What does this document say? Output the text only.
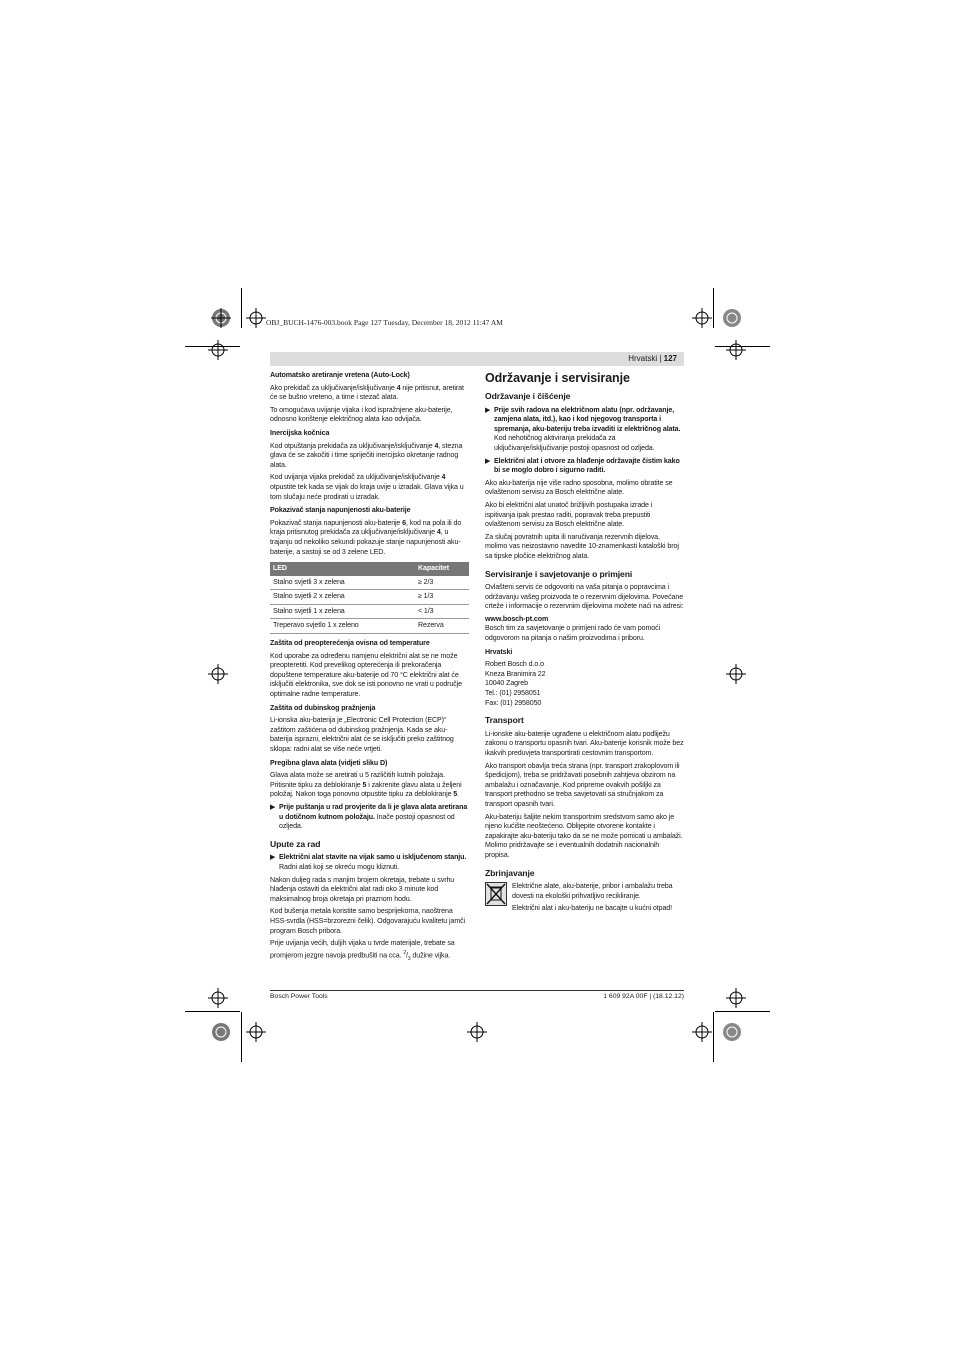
OBJ_BUCH-1476-003.book Page 127 Tuesday, December 18, 2012 11:47 AM
Hrvatski | 127
Automatsko aretiranje vretena (Auto-Lock)

Ako prekidač za uključivanje/isključivanje 4 nije pritisnut, aretirat će se bušno vreteno, a time i stezač alata.

To omogućava uvijanje vijaka i kod ispražnjene aku-baterije, odnosno korištenje električnog alata kao odvijača.

Inercijska kočnica

Kod otpuštanja prekidača za uključivanje/isključivanje 4, stezna glava će se zakočiti i time spriječiti inercijsko okretanje radnog alata.

Kod uvijanja vijaka prekidač za uključivanje/isključivanje 4 otpustite tek kada se vijak do kraja uvije u izradak. Glava vijka u tom slučaju neće prodirati u izradak.

Pokazivač stanja napunjenosti aku-baterije

Pokazivač stanja napunjenosti aku-baterije 6, kod na pola ili do kraja pritisnutog prekidača za uključivanje/isključivanje 4, u trajanju od nekoliko sekundi pokazuje stanje napunjenosti aku-baterije, a sastoji se od 3 zelene LED.

LED	Kapacitet
Stalno svjetli 3 x zelena	≥ 2/3
Stalno svjetli 2 x zelena	≥ 1/3
Stalno svjetli 1 x zelena	< 1/3
Treperavo svjetlo 1 x zeleno	Rezerva
Zaštita od preopterećenja ovisna od temperature

Kod uporabe za određenu namjenu električni alat se ne može preopteretiti. Kod prevelikog opterećenja ili prekoračenja dopuštene temperature aku-baterije od 70 °C električni alat će isključiti elektronika, sve dok se isti ponovno ne vrati u područje optimalne radne temperature.

Zaštita od dubinskog pražnjenja

Li-ionska aku-baterija je „Electronic Cell Protection (ECP)“ zaštitom zaštićena od dubinskog pražnjenja. Kada se aku-baterija isprazni, električni alat će se isključiti preko zaštitnog sklopa: radni alat se više neće vrtjeti.

Pregibna glava alata (vidjeti sliku D)

Glava alata može se aretirati u 5 različitih kutnih položaja. Pritisnite tipku za deblokiranje 5 i zakrenite glavu alata u željeni položaj. Nakon toga ponovno otpustite tipku za deblokiranje 5.

▶ Prije puštanja u rad provjerite da li je glava alata aretirana u dotičnom kutnom položaju. Inače postoji opasnost od ozljeda.
Upute za rad
▶ Električni alat stavite na vijak samo u isključenom stanju. Radni alati koji se okreću mogu kliznuti.

Nakon duljeg rada s manjim brojem okretaja, trebate u svrhu hlađenja ostaviti da električni alat radi oko 3 minute kod maksimalnog broja okretaja pri praznom hodu.

Kod bušenja metala koristite samo besprijekorna, naoštrena HSS-svrdla (HSS=brzorezni čelik). Odgovarajuću kvalitetu jamči program Bosch pribora.

Prije uvijanja većih, duljih vijaka u tvrde materijale, trebate sa promjerom jezgre navoja predbušiti na cca. $^2/_3$ dužine vijka.

Održavanje i servisiranje
Održavanje i čišćenje
▶ Prije svih radova na električnom alatu (npr. održavanje, zamjena alata, itd.), kao i kod njegovog transporta i spremanja, aku-bateriju treba izvaditi iz električnog alata. Kod nehotičnog aktiviranja prekidača za uključivanje/isključivanje postoji opasnost od ozljeda.
▶ Električni alat i otvore za hlađenje održavajte čistim kako bi se moglo dobro i sigurno raditi.

Ako aku-baterija nije više radno sposobna, molimo obratite se ovlaštenom servisu za Bosch električne alate.

Ako bi električni alat unatoč brižljivih postupaka izrade i ispitivanja ipak prestao raditi, popravak treba prepustiti ovlaštenom servisu za Bosch električne alate.

Za slučaj povratnih upita ili naručivanja rezervnih dijelova, molimo vas neizostavno navedite 10-znamenkasti kataloški broj sa tipske pločice električnog alata.

Servisiranje i savjetovanje o primjeni

Ovlašteni servis će odgovoriti na vaša pitanja o popravcima i održavanju vašeg proizvoda te o rezervnim dijelovima. Povećane crteže i informacije o rezervnim dijelovima možete naći na adresi:

www.bosch-pt.com

Bosch tim za savjetovanje o primjeni rado će vam pomoći odgovorom na pitanja o našim proizvodima i priboru.

Hrvatski
Robert Bosch d.o.o
Kneza Branimira 22
10040 Zagreb
Tel.: (01) 2958051
Fax: (01) 2958050
Transport

Li-ionske aku-baterije ugrađene u električnom alatu podliježu zakonu o transportu opasnih tvari. Aku-baterije korisnik može bez ikakvih preduvjeta transportirati cestovnim transportom.

Ako transport obavlja treća strana (npr. transport zrakoplovom ili špedicijom), treba se pridržavati posebnih zahtjeva obzirom na ambalažu i označavanje. Kod pripreme ovakvih pošiljki za transport prethodno se treba savjetovati sa stručnjakom za transport opasnih tvari.

Aku-bateriju šaljite nekim transportnim sredstvom samo ako je njeno kućište neoštećeno. Oblijepite otvorene kontakte i zapakirajte aku-bateriju tako da se ne može pomicati u ambalaži. Molimo pridržavajte se i eventualnih dodatnih nacionalnih propisa.

Zbrinjavanje

Električne alate, aku-baterije, pribor i ambalažu treba dovesti na ekološki prihvatljivo recikliranje.

Električni alat i aku-bateriju ne bacajte u kućni otpad!

Bosch Power Tools	1 609 92A 00F | (18.12.12)
